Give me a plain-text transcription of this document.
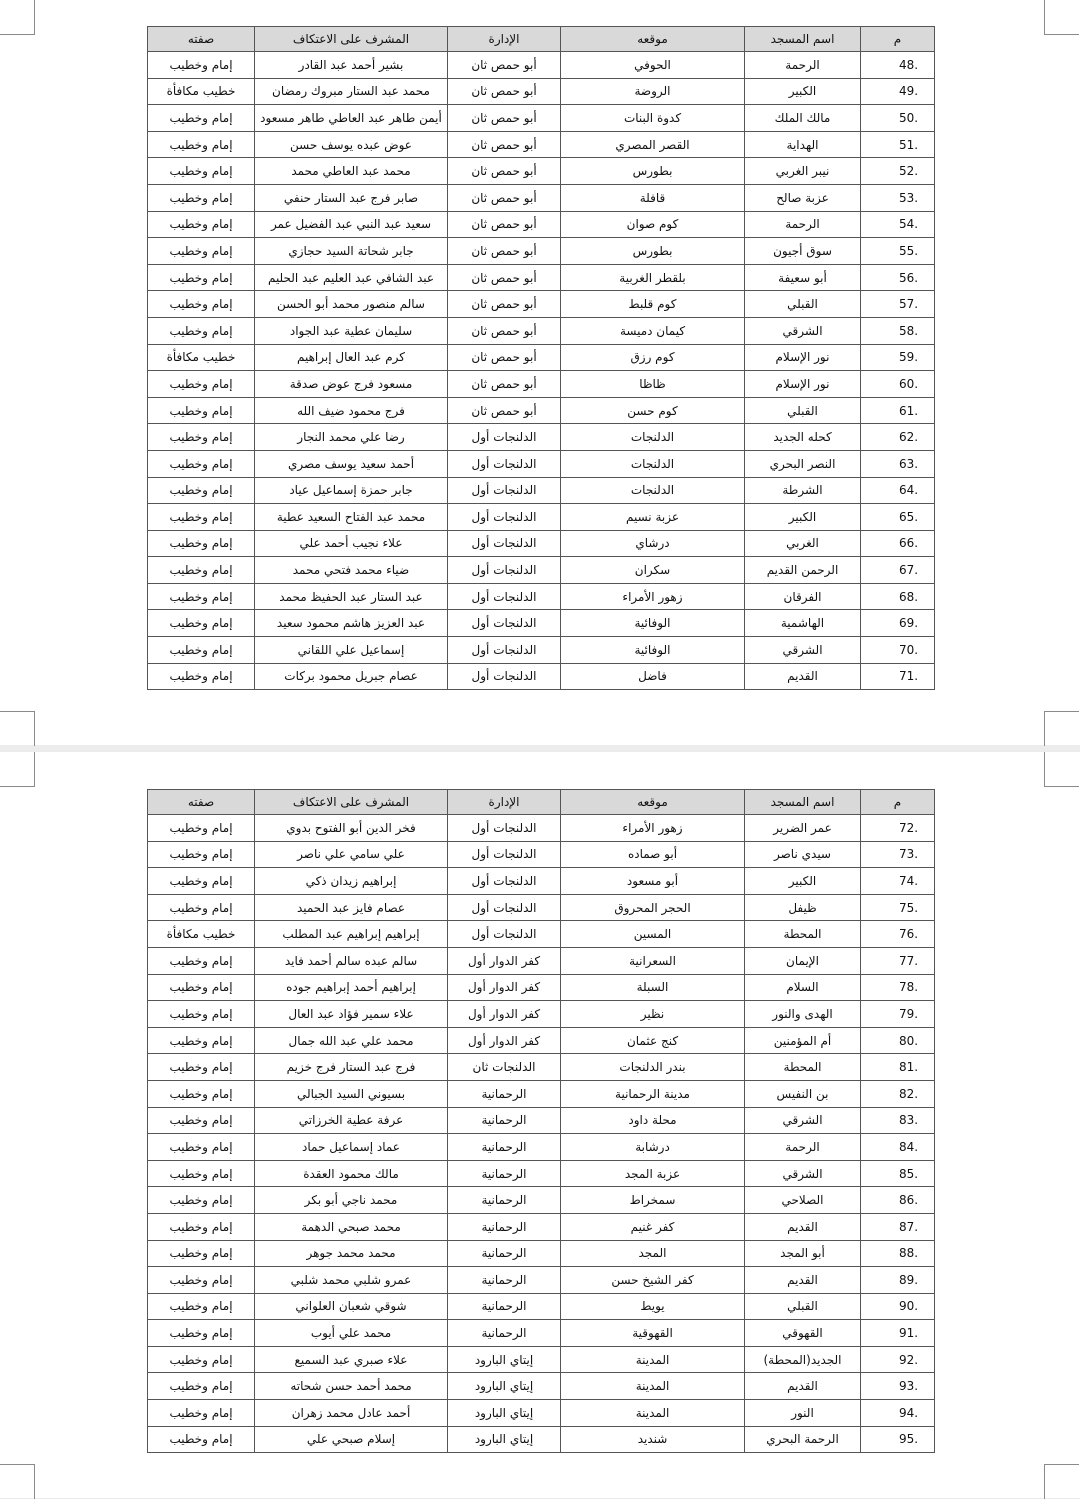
م	اسم المسجد	موقعه	الإدارة	المشرف على الاعتكاف	صفته
48.	الرحمة	الحوفي	أبو حمص ثان	بشير أحمد عبد القادر	إمام وخطيب
49.	الكبير	الروضة	أبو حمص ثان	محمد عبد الستار مبروك رمضان	خطيب مكافأة
50.	مالك الملك	كدوة البنات	أبو حمص ثان	أيمن طاهر عبد العاطي طاهر مسعود	إمام وخطيب
51.	الهداية	القصر المصري	أبو حمص ثان	عوض عبده يوسف حسن	إمام وخطيب
52.	نيبر الغربي	بطورس	أبو حمص ثان	محمد عبد العاطي محمد	إمام وخطيب
53.	عزبة صالح	قافلة	أبو حمص ثان	صابر فرج عبد الستار حنفي	إمام وخطيب
54.	الرحمة	كوم صوان	أبو حمص ثان	سعيد عبد النبي عبد الفضيل عمر	إمام وخطيب
55.	سوق أجيون	بطورس	أبو حمص ثان	جابر شحاتة السيد حجازي	إمام وخطيب
56.	أبو سعيفة	بلقطر الغربية	أبو حمص ثان	عبد الشافي عبد العليم عبد الحليم	إمام وخطيب
57.	القبلي	كوم قلبط	أبو حمص ثان	سالم منصور محمد أبو الحسن	إمام وخطيب
58.	الشرقي	كيمان دميسة	أبو حمص ثان	سليمان عطية عبد الجواد	إمام وخطيب
59.	نور الإسلام	كوم رزق	أبو حمص ثان	كرم عبد العال إبراهيم	خطيب مكافأة
60.	نور الإسلام	ظاظا	أبو حمص ثان	مسعود فرج عوض صدقة	إمام وخطيب
61.	القبلي	كوم حسن	أبو حمص ثان	فرج محمود ضيف الله	إمام وخطيب
62.	كحله الجديد	الدلنجات	الدلنجات أول	رضا علي محمد النجار	إمام وخطيب
63.	النصر البحري	الدلنجات	الدلنجات أول	أحمد سعيد يوسف مصري	إمام وخطيب
64.	الشرطة	الدلنجات	الدلنجات أول	جابر حمزة إسماعيل عياد	إمام وخطيب
65.	الكبير	عزبة نسيم	الدلنجات أول	محمد عبد الفتاح السعيد عطية	إمام وخطيب
66.	الغربي	درشاي	الدلنجات أول	علاء نجيب أحمد علي	إمام وخطيب
67.	الرحمن القديم	سكران	الدلنجات أول	ضياء محمد فتحي محمد	إمام وخطيب
68.	الفرقان	زهور الأمراء	الدلنجات أول	عبد الستار عبد الحفيظ محمد	إمام وخطيب
69.	الهاشمية	الوفائية	الدلنجات أول	عبد العزيز هاشم محمود سعيد	إمام وخطيب
70.	الشرقي	الوفائية	الدلنجات أول	إسماعيل علي اللقاني	إمام وخطيب
71.	القديم	فاضل	الدلنجات أول	عصام جبريل محمود بركات	إمام وخطيب
م	اسم المسجد	موقعه	الإدارة	المشرف على الاعتكاف	صفته
72.	عمر الضرير	زهور الأمراء	الدلنجات أول	فخر الدين أبو الفتوح بدوي	إمام وخطيب
73.	سيدي ناصر	أبو صماده	الدلنجات أول	علي سامي علي ناصر	إمام وخطيب
74.	الكبير	أبو مسعود	الدلنجات أول	إبراهيم زيدان ذكي	إمام وخطيب
75.	ظيفل	الحجر المحروق	الدلنجات أول	عصام فايز عبد الحميد	إمام وخطيب
76.	المحطة	المسين	الدلنجات أول	إبراهيم إبراهيم عبد المطلب	خطيب مكافأة
77.	الإيمان	السعرانية	كفر الدوار أول	سالم عبده سالم أحمد فايد	إمام وخطيب
78.	السلام	السبلة	كفر الدوار أول	إبراهيم أحمد إبراهيم جوده	إمام وخطيب
79.	الهدى والنور	نظير	كفر الدوار أول	علاء سمير فؤاد عبد العال	إمام وخطيب
80.	أم المؤمنين	كنج عثمان	كفر الدوار أول	محمد علي عبد الله جمال	إمام وخطيب
81.	المحطة	بندر الدلنجات	الدلنجات ثان	فرج عبد الستار فرج خزيم	إمام وخطيب
82.	بن النفيس	مدينة الرحمانية	الرحمانية	بسيوني السيد الجبالي	إمام وخطيب
83.	الشرقي	محلة داود	الرحمانية	عرفة عطية الخرزاتي	إمام وخطيب
84.	الرحمة	درشابة	الرحمانية	عماد إسماعيل حماد	إمام وخطيب
85.	الشرقي	عزبة المجد	الرحمانية	مالك محمود العقدة	إمام وخطيب
86.	الصلاحي	سمخراط	الرحمانية	محمد ناجي أبو بكر	إمام وخطيب
87.	القديم	كفر غنيم	الرحمانية	محمد صبحي الدهمة	إمام وخطيب
88.	أبو المجد	المجد	الرحمانية	محمد محمد جوهر	إمام وخطيب
89.	القديم	كفر الشيخ حسن	الرحمانية	عمرو شلبي محمد شلبي	إمام وخطيب
90.	القبلي	يويط	الرحمانية	شوقي شعبان العلواني	إمام وخطيب
91.	القهوقي	القهوقية	الرحمانية	محمد علي أيوب	إمام وخطيب
92.	الجديد(المحطة)	المدينة	إيتاي البارود	علاء صبري عبد السميع	إمام وخطيب
93.	القديم	المدينة	إيتاي البارود	محمد أحمد حسن شحاته	إمام وخطيب
94.	النور	المدينة	إيتاي البارود	أحمد عادل محمد زهران	إمام وخطيب
95.	الرحمة البحري	شنديد	إيتاي البارود	إسلام صبحي علي	إمام وخطيب
